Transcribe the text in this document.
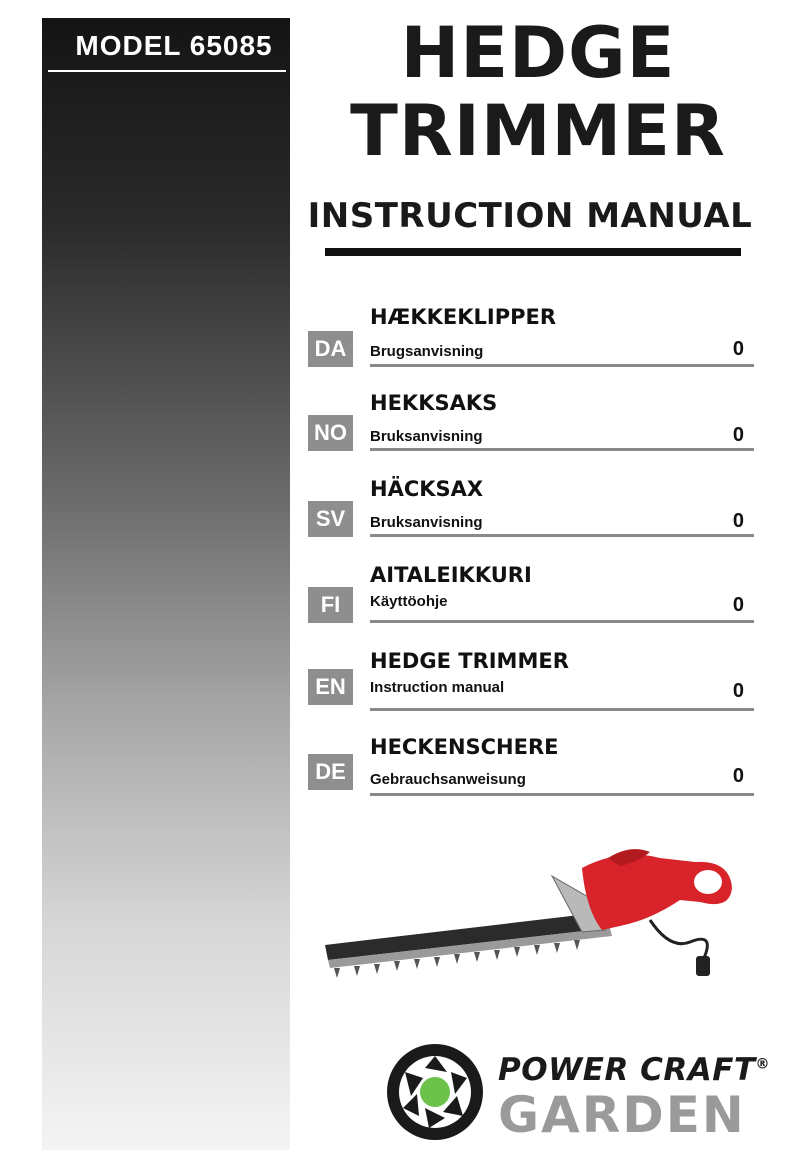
MODEL 65085	HEDGE
TRIMMER
INSTRUCTION MANUAL
DA
HÆKKEKLIPPER
Brugsanvisning	0
NO
HEKKSAKS
Bruksanvisning	0
SV
HÄCKSAX
Bruksanvisning	0
FI
AITALEIKKURI
Käyttöohje	0
EN
HEDGE TRIMMER
Instruction manual	0
DE
HECKENSCHERE
Gebrauchsanweisung	0
POWER CRAFT®
GARDEN
